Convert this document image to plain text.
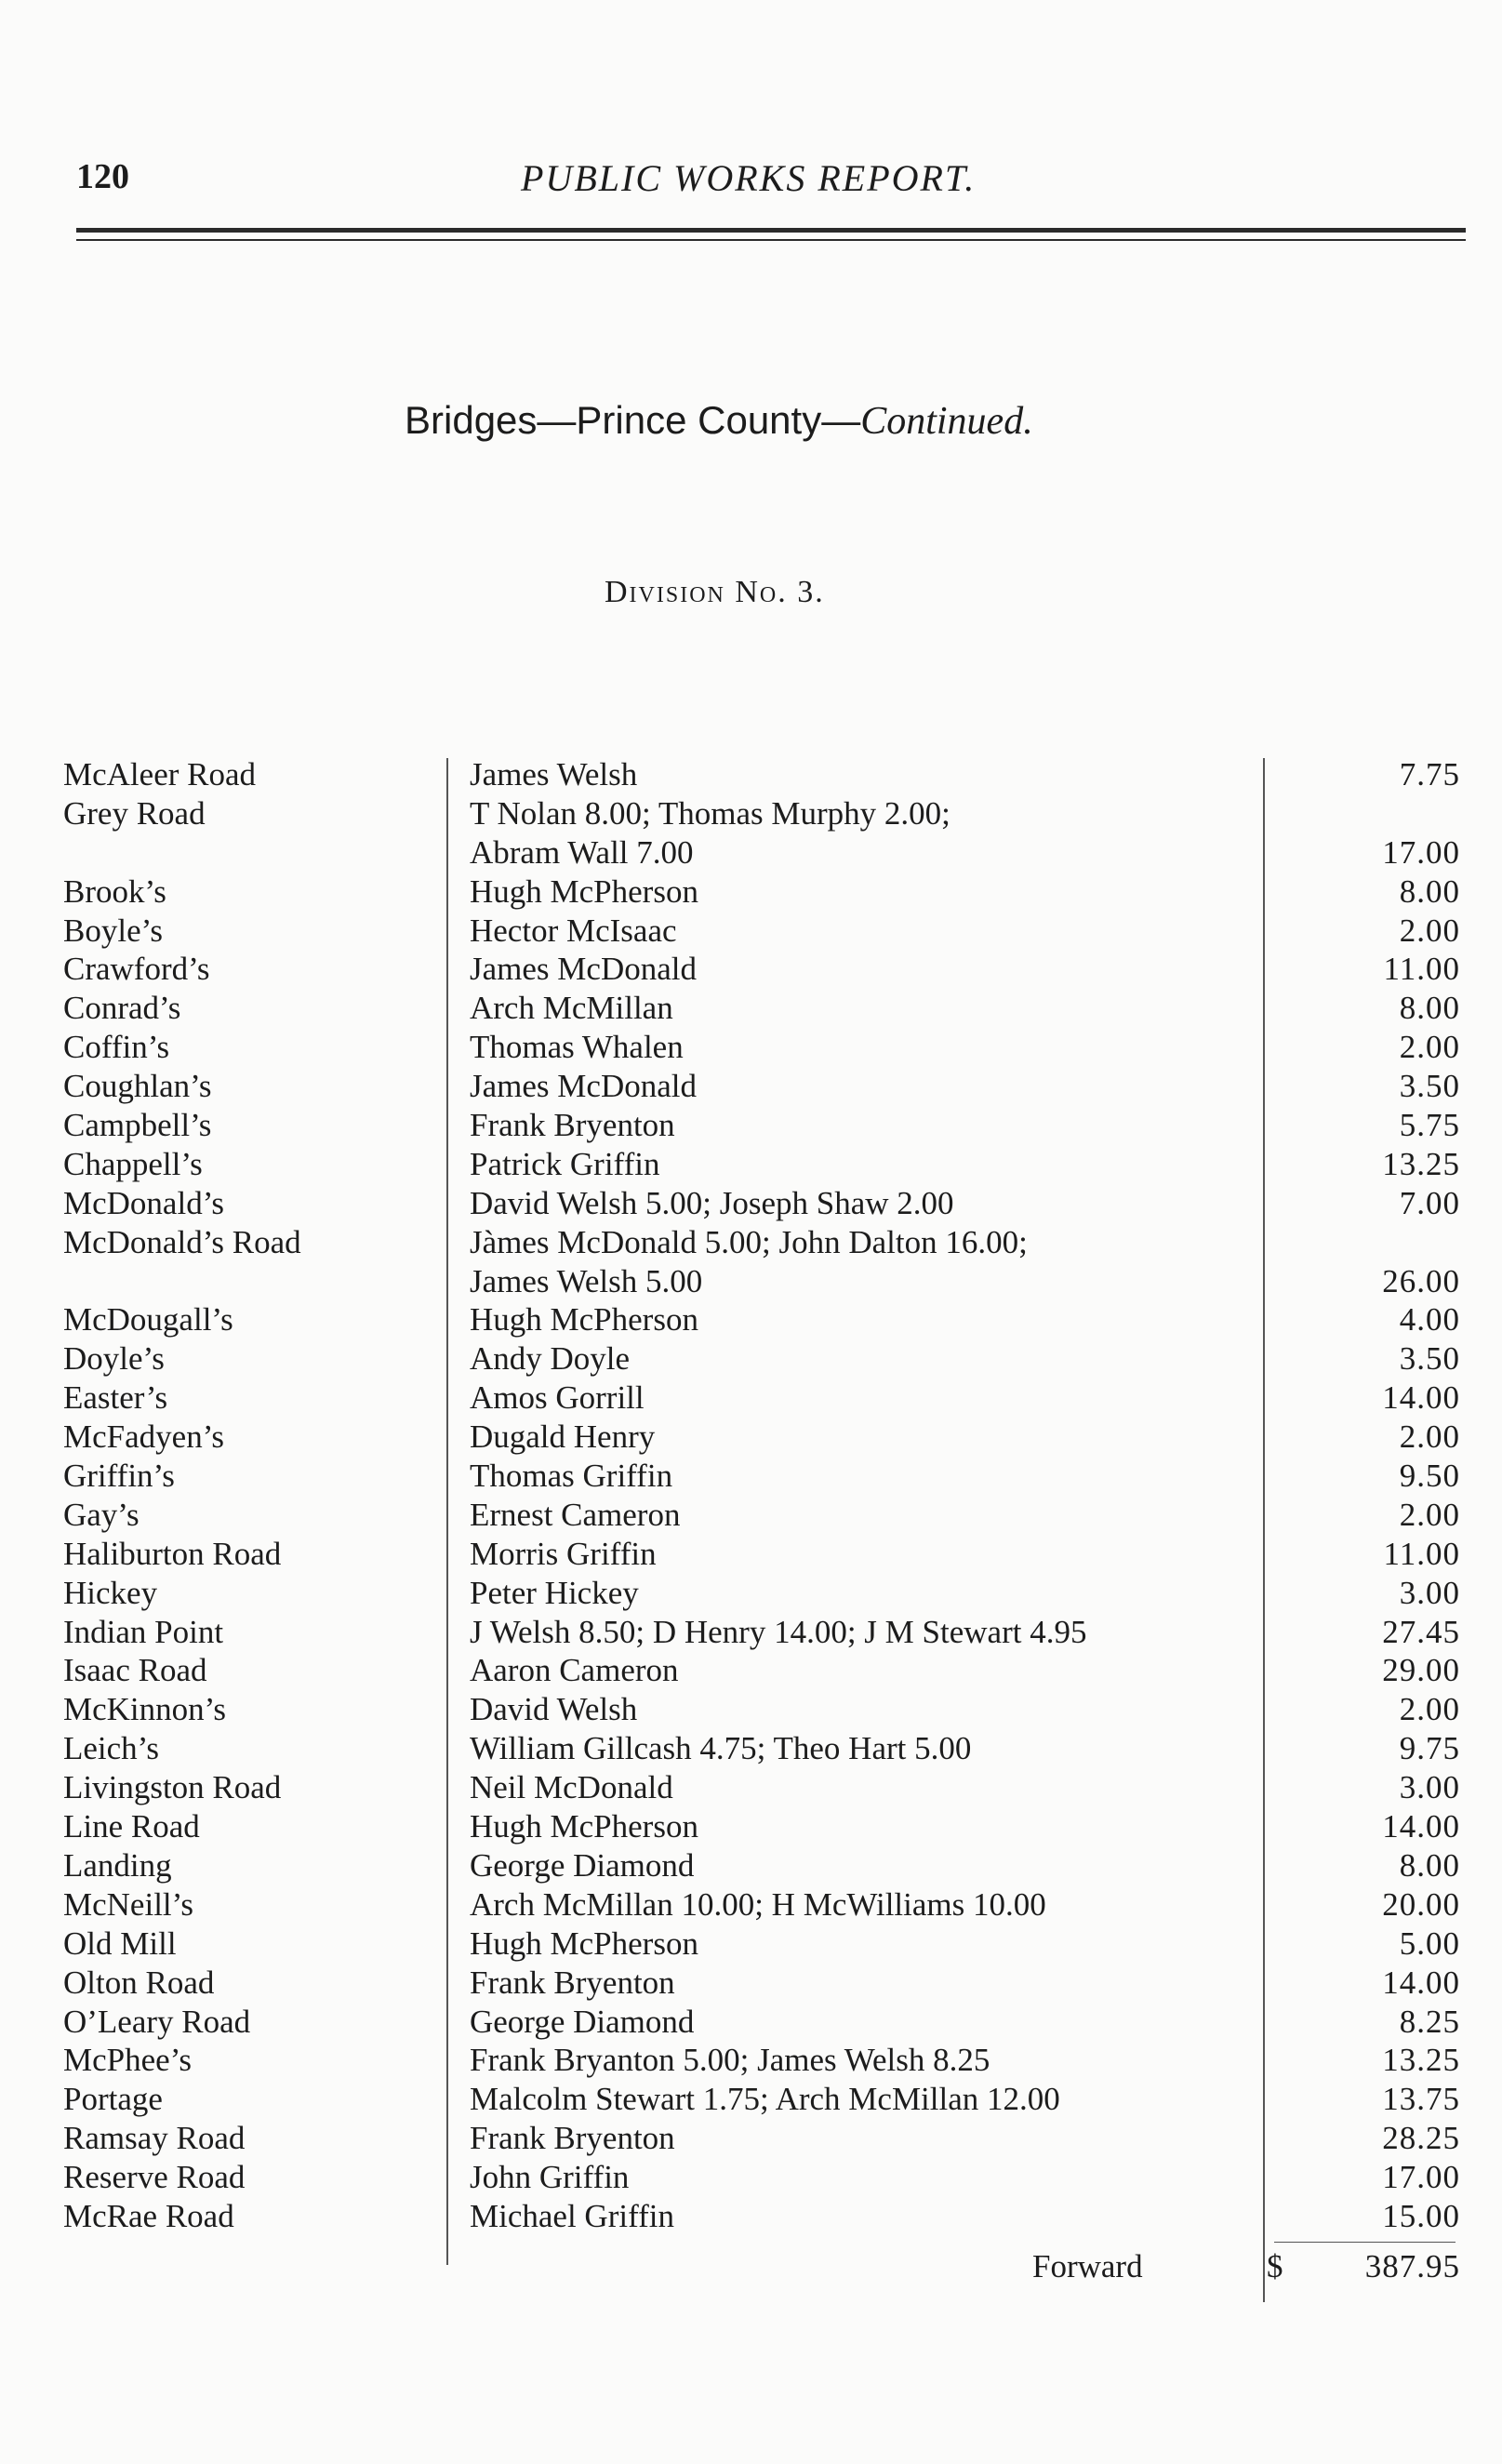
120	PUBLIC WORKS REPORT.
Bridges—Prince County—Continued.
Division No. 3.
McAleer Road	James Welsh	7.75
Grey Road	T Nolan 8.00; Thomas Murphy 2.00;
Abram Wall 7.00	17.00
Brook’s	Hugh McPherson	8.00
Boyle’s	Hector McIsaac	2.00
Crawford’s	James McDonald	11.00
Conrad’s	Arch McMillan	8.00
Coffin’s	Thomas Whalen	2.00
Coughlan’s	James McDonald	3.50
Campbell’s	Frank Bryenton	5.75
Chappell’s	Patrick Griffin	13.25
McDonald’s	David Welsh 5.00; Joseph Shaw 2.00	7.00
McDonald’s Road	Jàmes McDonald 5.00; John Dalton 16.00;
James Welsh 5.00	26.00
McDougall’s	Hugh McPherson	4.00
Doyle’s	Andy Doyle	3.50
Easter’s	Amos Gorrill	14.00
McFadyen’s	Dugald Henry	2.00
Griffin’s	Thomas Griffin	9.50
Gay’s	Ernest Cameron	2.00
Haliburton Road	Morris Griffin	11.00
Hickey	Peter Hickey	3.00
Indian Point	J Welsh 8.50; D Henry 14.00; J M Stewart 4.95	27.45
Isaac Road	Aaron Cameron	29.00
McKinnon’s	David Welsh	2.00
Leich’s	William Gillcash 4.75; Theo Hart 5.00	9.75
Livingston Road	Neil McDonald	3.00
Line Road	Hugh McPherson	14.00
Landing	George Diamond	8.00
McNeill’s	Arch McMillan 10.00; H McWilliams 10.00	20.00
Old Mill	Hugh McPherson	5.00
Olton Road	Frank Bryenton	14.00
O’Leary Road	George Diamond	8.25
McPhee’s	Frank Bryanton 5.00; James Welsh 8.25	13.25
Portage	Malcolm Stewart 1.75; Arch McMillan 12.00	13.75
Ramsay Road	Frank Bryenton	28.25
Reserve Road	John Griffin	17.00
McRae Road	Michael Griffin	15.00
Forward	$	387.95
